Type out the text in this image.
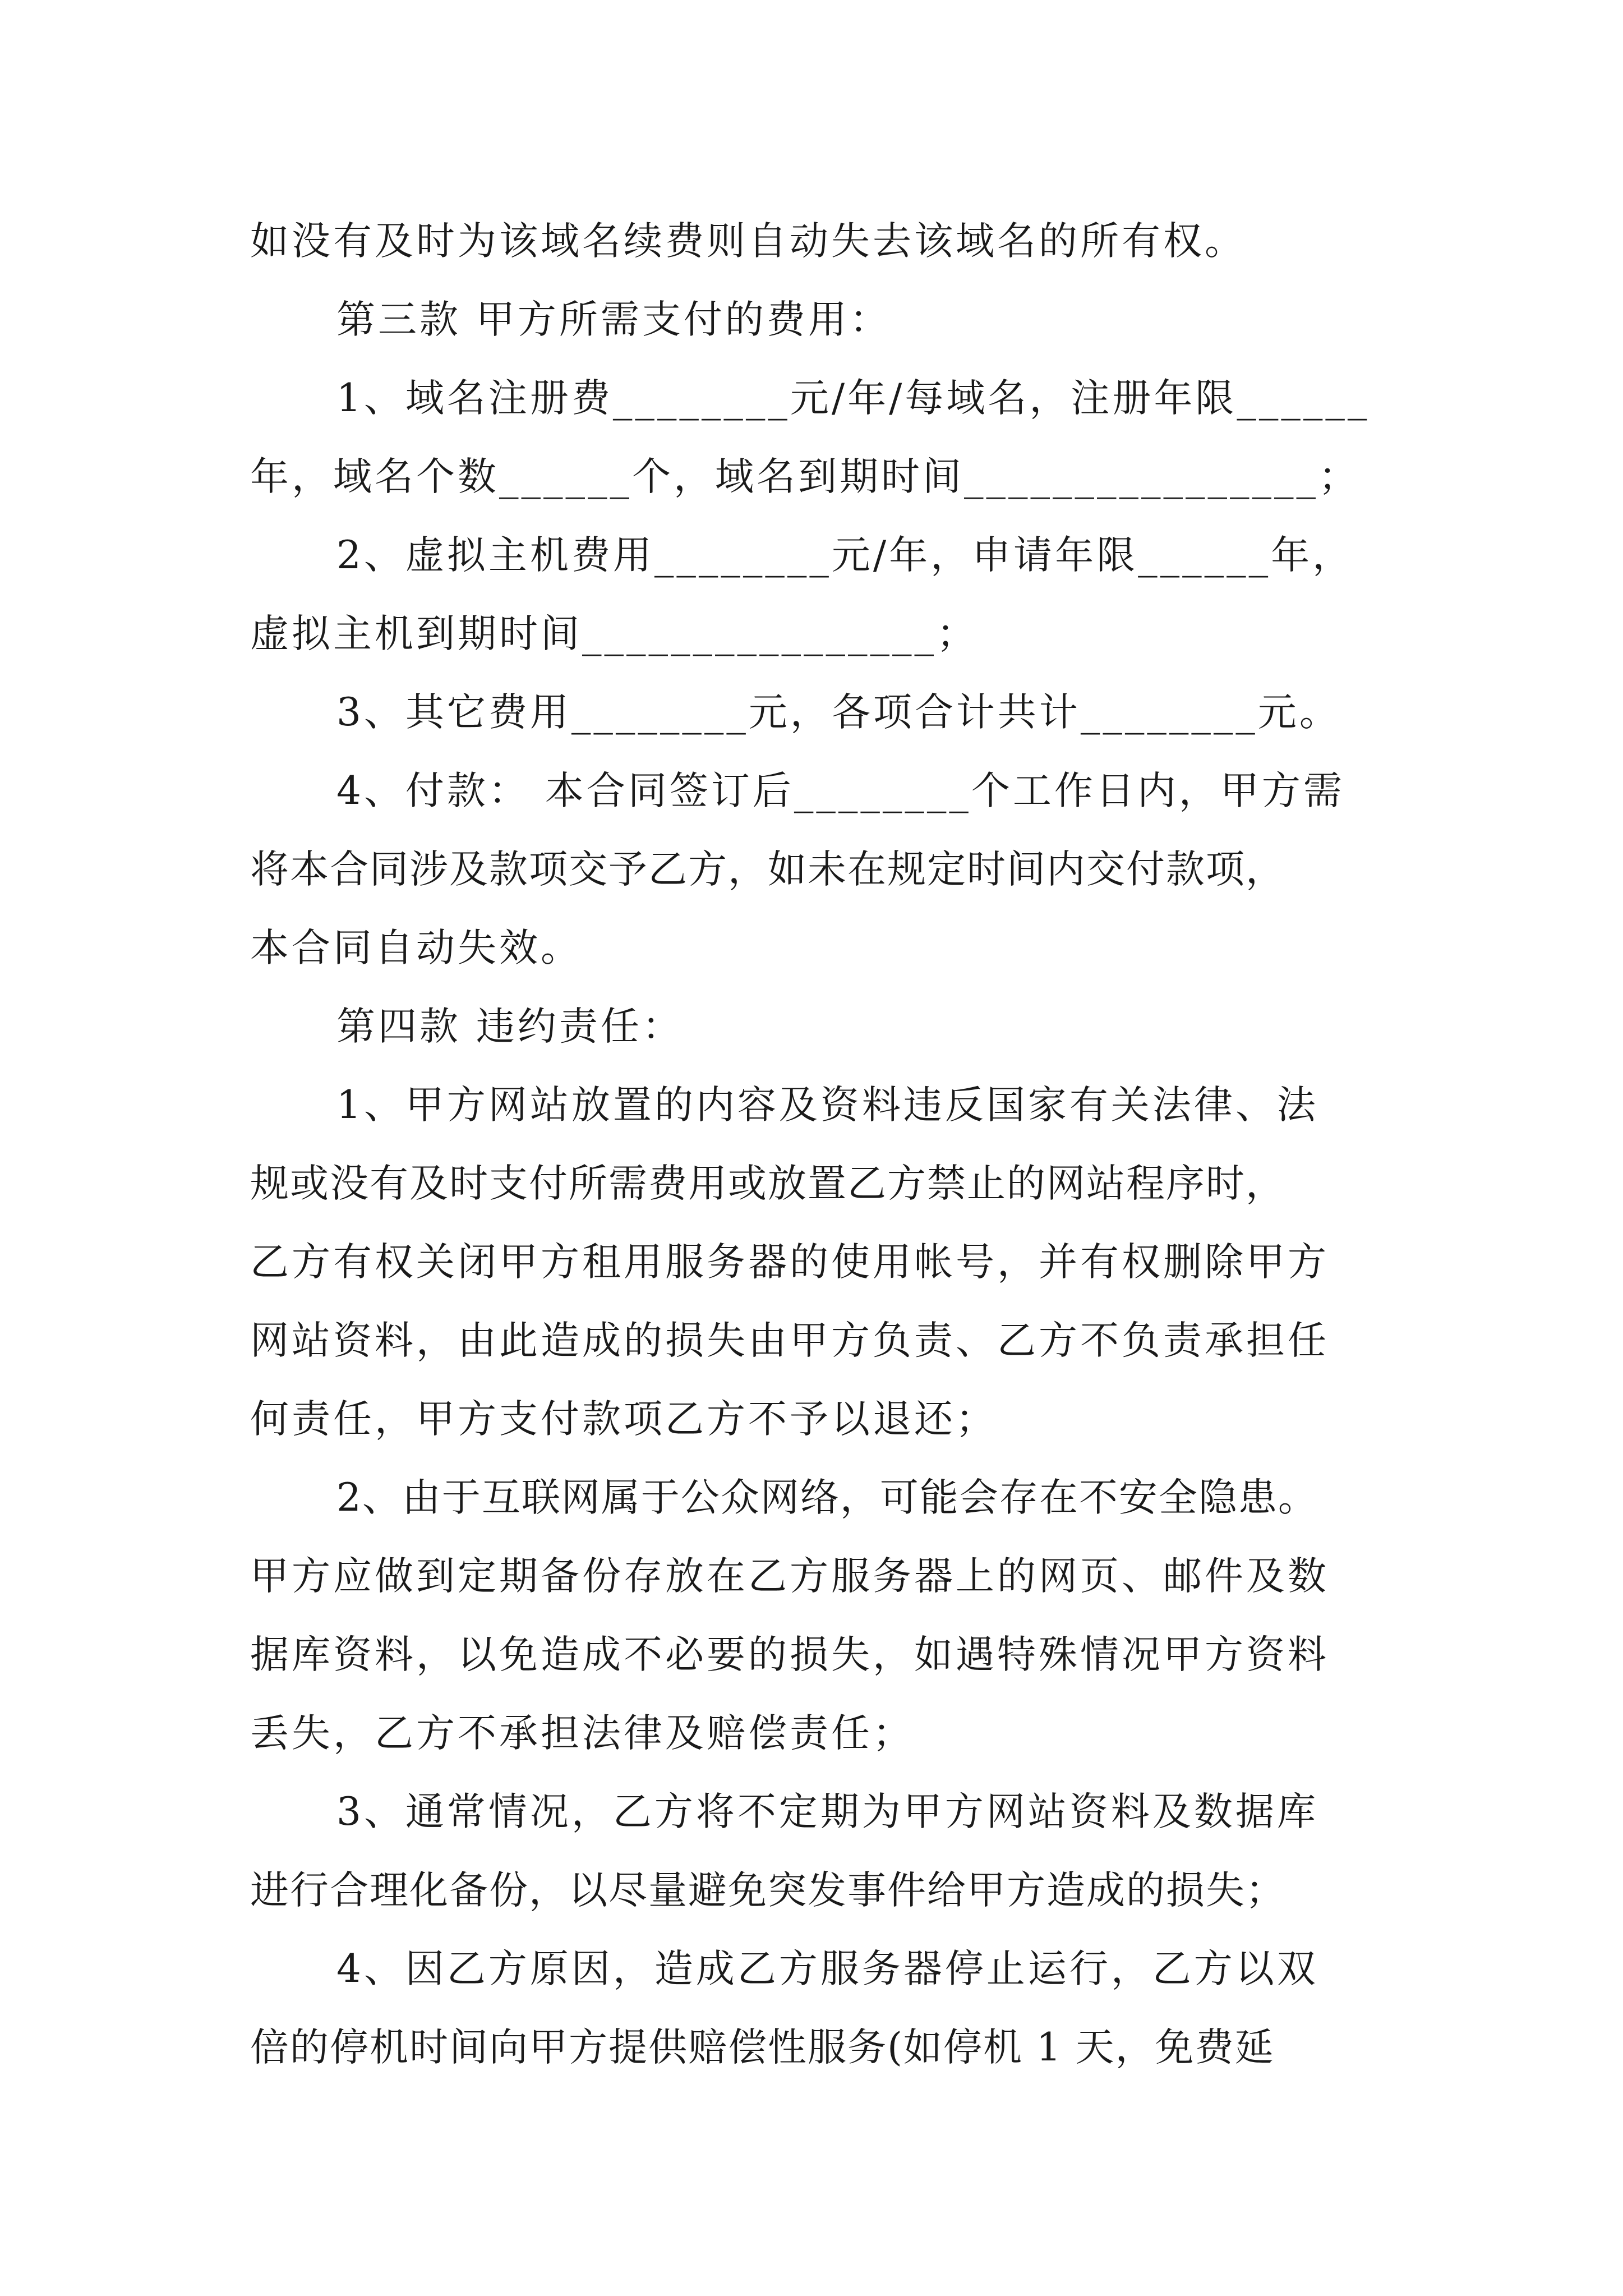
如没有及时为该域名续费则自动失去该域名的所有权。
第三款 甲方所需支付的费用：
1、域名注册费________元/年/每域名，注册年限______
年，域名个数______个，域名到期时间________________；
2、虚拟主机费用________元/年，申请年限______年，
虚拟主机到期时间________________；
3、其它费用________元，各项合计共计________元。
4、付款： 本合同签订后________个工作日内，甲方需
将本合同涉及款项交予乙方，如未在规定时间内交付款项，
本合同自动失效。
第四款 违约责任：
1、甲方网站放置的内容及资料违反国家有关法律、法
规或没有及时支付所需费用或放置乙方禁止的网站程序时，
乙方有权关闭甲方租用服务器的使用帐号，并有权删除甲方
网站资料，由此造成的损失由甲方负责、乙方不负责承担任
何责任，甲方支付款项乙方不予以退还；
2、由于互联网属于公众网络，可能会存在不安全隐患。
甲方应做到定期备份存放在乙方服务器上的网页、邮件及数
据库资料，以免造成不必要的损失，如遇特殊情况甲方资料
丢失，乙方不承担法律及赔偿责任；
3、通常情况，乙方将不定期为甲方网站资料及数据库
进行合理化备份，以尽量避免突发事件给甲方造成的损失；
4、因乙方原因，造成乙方服务器停止运行，乙方以双
倍的停机时间向甲方提供赔偿性服务(如停机 1 天，免费延
